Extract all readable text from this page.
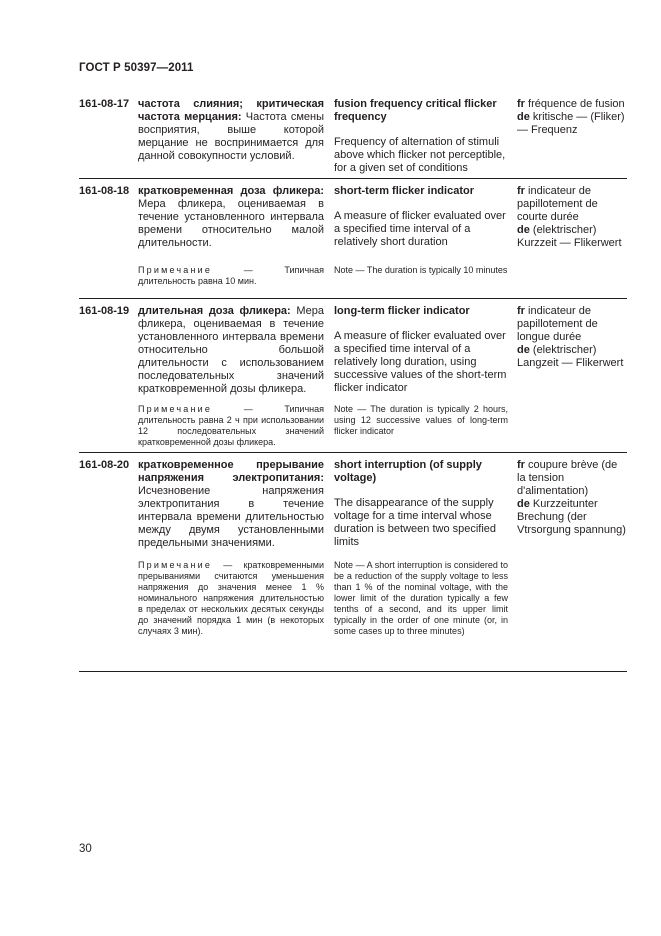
ГОСТ Р 50397—2011
161-08-17 частота слияния; критическая частота мерцания: Частота смены восприятия, выше которой мерцание не воспринимается для данной совокупности условий.
fusion frequency critical flicker frequency
Frequency of alternation of stimuli above which flicker not perceptible, for a given set of conditions
fr fréquence de fusion
de kritische — (Fliker) — Frequenz
161-08-18 кратковременная доза фликера: Мера фликера, оцениваемая в течение установленного интервала времени относительно малой длительности.
short-term flicker indicator
A measure of flicker evaluated over a specified time interval of a relatively short duration
fr indicateur de papillotement de courte durée
de (elektrischer) Kurzzeit — Flikerwert
Примечание	— Типичная длительность равна 10 мин.
Note — The duration is typically 10 minutes
161-08-19 длительная доза фликера: Мера фликера, оцениваемая в течение установленного интервала времени относительно большой длительности с использованием последовательных значений кратковременной дозы фликера.
long-term flicker indicator
A measure of flicker evaluated over a specified time interval of a relatively long duration, using successive values of the short-term flicker indicator
fr indicateur de papillotement de longue durée
de (elektrischer) Langzeit — Flikerwert
Примечание	— Типичная длительность равна 2 ч при использовании 12 последовательных значений кратковременной дозы фликера.
Note — The duration is typically 2 hours, using 12 successive values of long-term flicker indicator
161-08-20 кратковременное прерывание напряжения электропитания: Исчезновение напряжения электропитания в течение интервала времени длительностью между двумя установленными предельными значениями.
short interruption (of supply voltage)
The disappearance of the supply voltage for a time interval whose duration is between two specified limits
fr coupure brève (de la tension d'alimentation)
de Kurzzeitunter Brechung (der Vtrsorgung spannung)
Примечание — кратковременными прерываниями считаются уменьшения напряжения до значения менее 1 % номинального напряжения длительностью в пределах от нескольких десятых секунды до значений порядка 1 мин (в некоторых случаях 3 мин).
Note — A short interruption is considered to be a reduction of the supply voltage to less than 1 % of the nominal voltage, with the lower limit of the duration typically a few tenths of a second, and its upper limit typically in the order of one minute (or, in some cases up to three minutes)
30
